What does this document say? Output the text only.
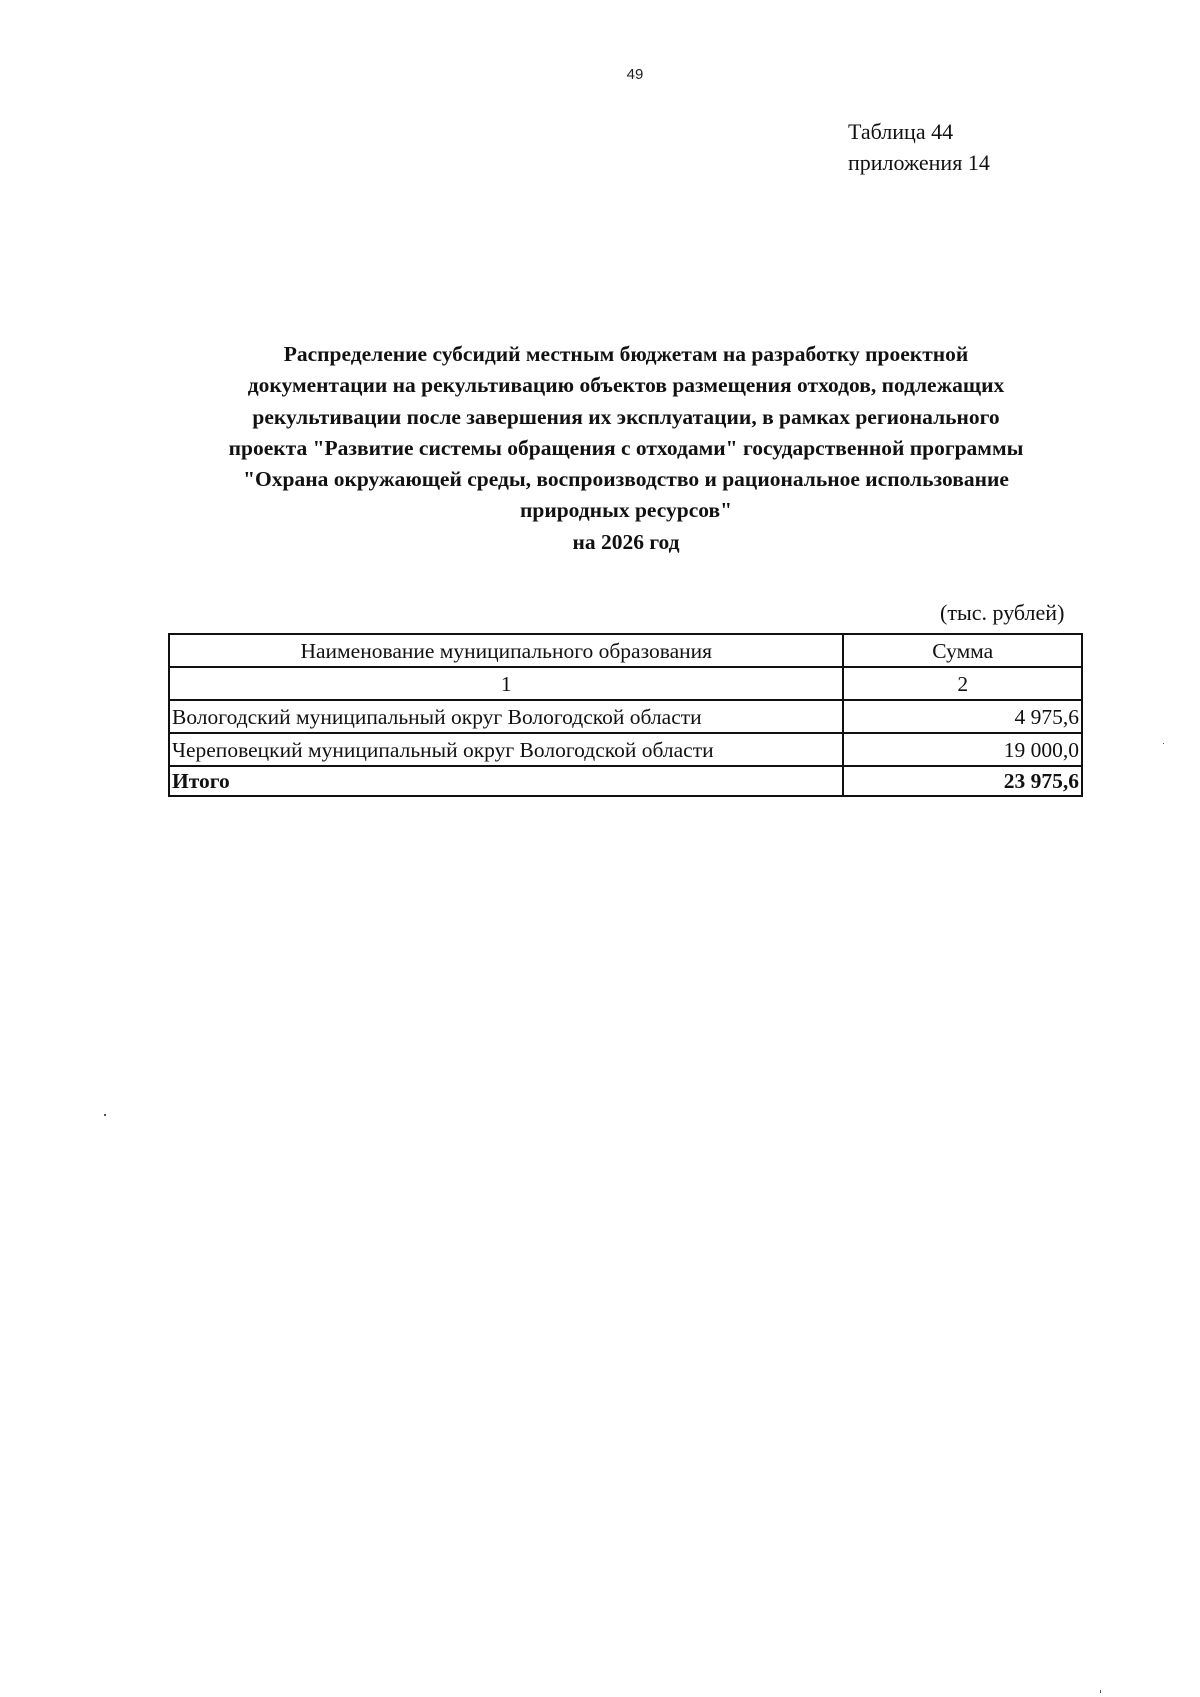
49
Таблица 44
приложения 14
Распределение субсидий местным бюджетам на разработку проектной
документации на рекультивацию объектов размещения отходов, подлежащих
рекультивации после завершения их эксплуатации, в рамках регионального
проекта "Развитие системы обращения с отходами" государственной программы
"Охрана окружающей среды, воспроизводство и рациональное использование
природных ресурсов"
на 2026 год
(тыс. рублей)
Наименование муниципального образования	Сумма
1	2
Вологодский муниципальный округ Вологодской области	4 975,6
Череповецкий муниципальный округ Вологодской области	19 000,0
Итого	23 975,6
